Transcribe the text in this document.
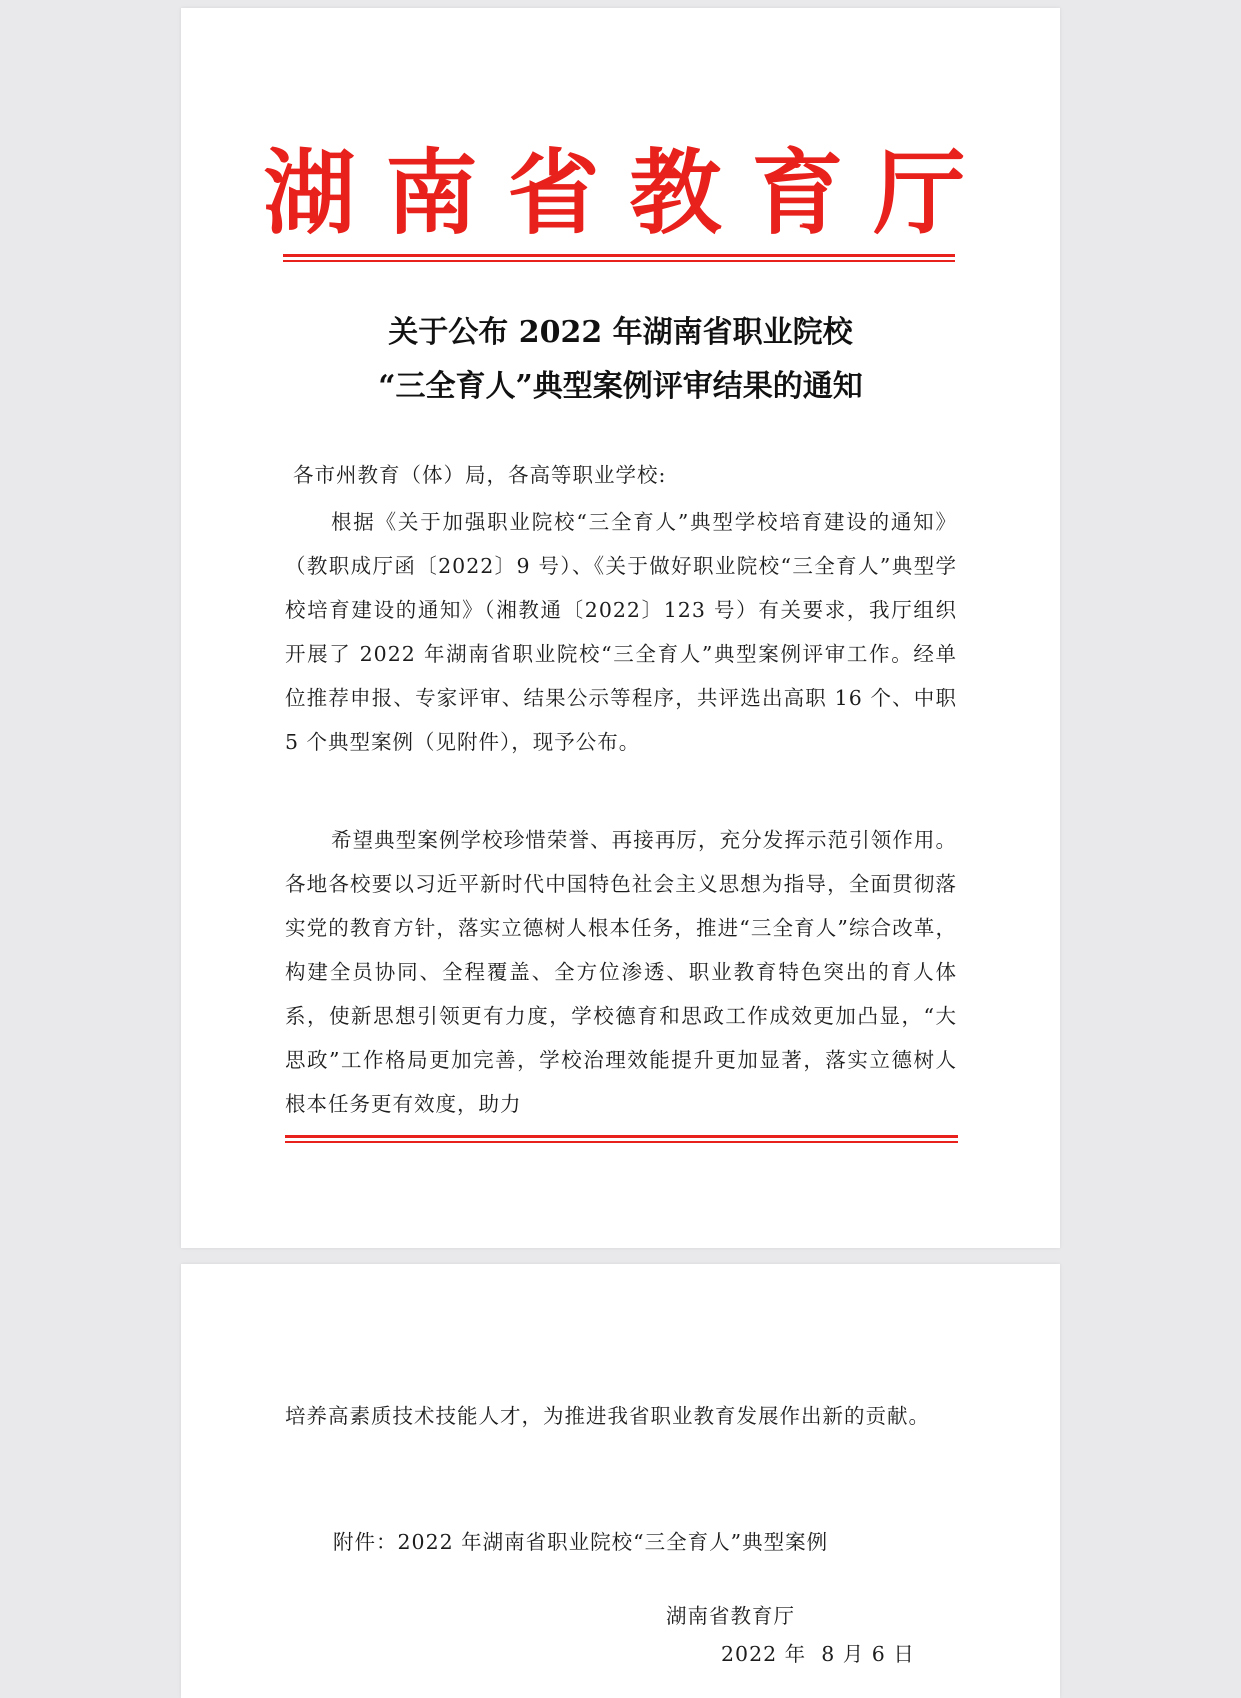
湖南省教育厅
关于公布 2022 年湖南省职业院校
“三全育人”典型案例评审结果的通知
各市州教育（体）局，各高等职业学校:

根据《关于加强职业院校“三全育人”典型学校培育建设的通知》（教职成厅函〔2022〕9 号）、《关于做好职业院校“三全育人”典型学校培育建设的通知》（湘教通〔2022〕123 号）有关要求，我厅组织开展了 2022 年湖南省职业院校“三全育人”典型案例评审工作。经单位推荐申报、专家评审、结果公示等程序，共评选出高职 16 个、中职 5 个典型案例（见附件），现予公布。

希望典型案例学校珍惜荣誉、再接再厉，充分发挥示范引领作用。各地各校要以习近平新时代中国特色社会主义思想为指导，全面贯彻落实党的教育方针，落实立德树人根本任务，推进“三全育人”综合改革，构建全员协同、全程覆盖、全方位渗透、职业教育特色突出的育人体系，使新思想引领更有力度，学校德育和思政工作成效更加凸显，“大思政”工作格局更加完善，学校治理效能提升更加显著，落实立德树人根本任务更有效度，助力

培养高素质技术技能人才，为推进我省职业教育发展作出新的贡献。

附件：2022 年湖南省职业院校“三全育人”典型案例
湖南省教育厅
2022 年  8 月 6 日
